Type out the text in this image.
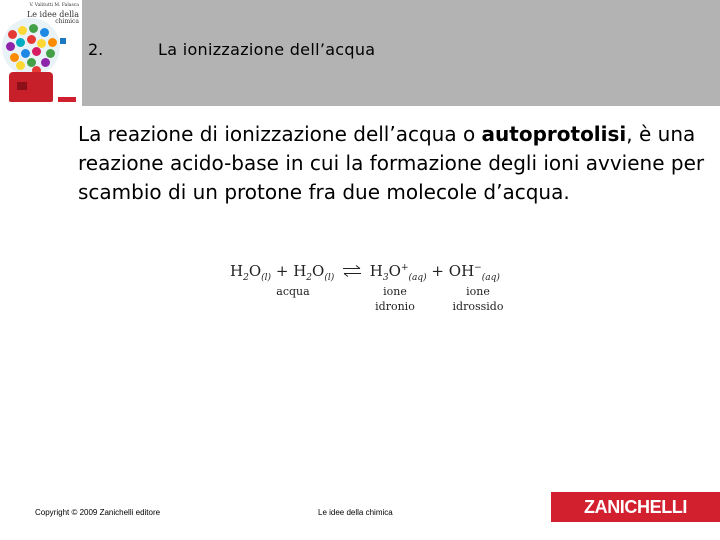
V. Valitutti M. Falasca
Le idee della
chimica
2.	La ionizzazione dell’acqua

La reazione di ionizzazione dell’acqua o autoprotolisi, è una reazione acido-base in cui la formazione degli ioni avviene per scambio di un protone fra due molecole d’acqua.

$H_2O_{(l)} + H_2O_{(l)}$ ⇌ $H_3O^+_{(aq)} + OH^-_{(aq)}$
acqua	ione
idronio
ione
idrossido
Copyright © 2009 Zanichelli editore	Le idee della chimica	ZANICHELLI
